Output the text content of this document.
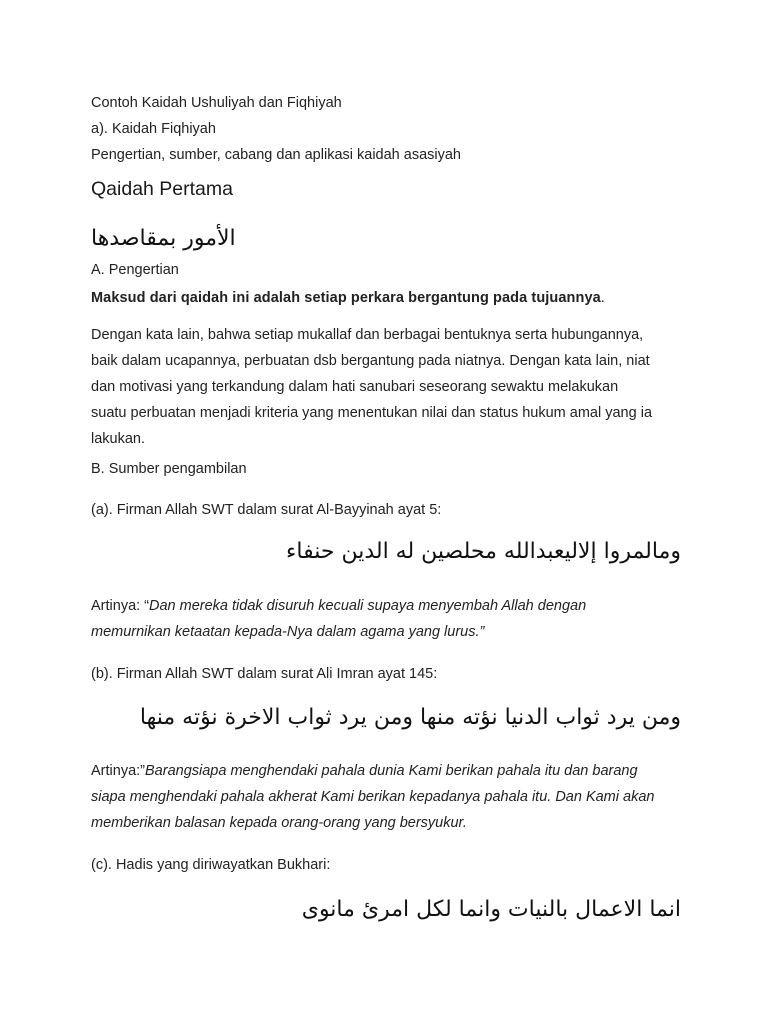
Contoh Kaidah Ushuliyah dan Fiqhiyah

a). Kaidah Fiqhiyah

Pengertian, sumber, cabang dan aplikasi kaidah asasiyah

Qaidah Pertama

الأمور بمقاصدها

A. Pengertian

Maksud dari qaidah ini adalah setiap perkara bergantung pada tujuannya.

Dengan kata lain, bahwa setiap mukallaf dan berbagai bentuknya serta hubungannya,
baik dalam ucapannya, perbuatan dsb bergantung pada niatnya. Dengan kata lain, niat
dan motivasi yang terkandung dalam hati sanubari seseorang sewaktu melakukan
suatu perbuatan menjadi kriteria yang menentukan nilai dan status hukum amal yang ia
lakukan.

B. Sumber pengambilan

(a). Firman Allah SWT dalam surat Al-Bayyinah ayat 5:

ومالمروا إلاليعبدالله محلصين له الدين حنفاء
Artinya: “Dan mereka tidak disuruh kecuali supaya menyembah Allah dengan
memurnikan ketaatan kepada-Nya dalam agama yang lurus.”

(b). Firman Allah SWT dalam surat Ali Imran ayat 145:

ومن يرد ثواب الدنيا نؤته منها ومن يرد ثواب الاخرة نؤته منها
Artinya:”Barangsiapa menghendaki pahala dunia Kami berikan pahala itu dan barang
siapa menghendaki pahala akherat Kami berikan kepadanya pahala itu. Dan Kami akan
memberikan balasan kepada orang-orang yang bersyukur.

(c). Hadis yang diriwayatkan Bukhari:

انما الاعمال بالنيات وانما لكل امرئ مانوى
